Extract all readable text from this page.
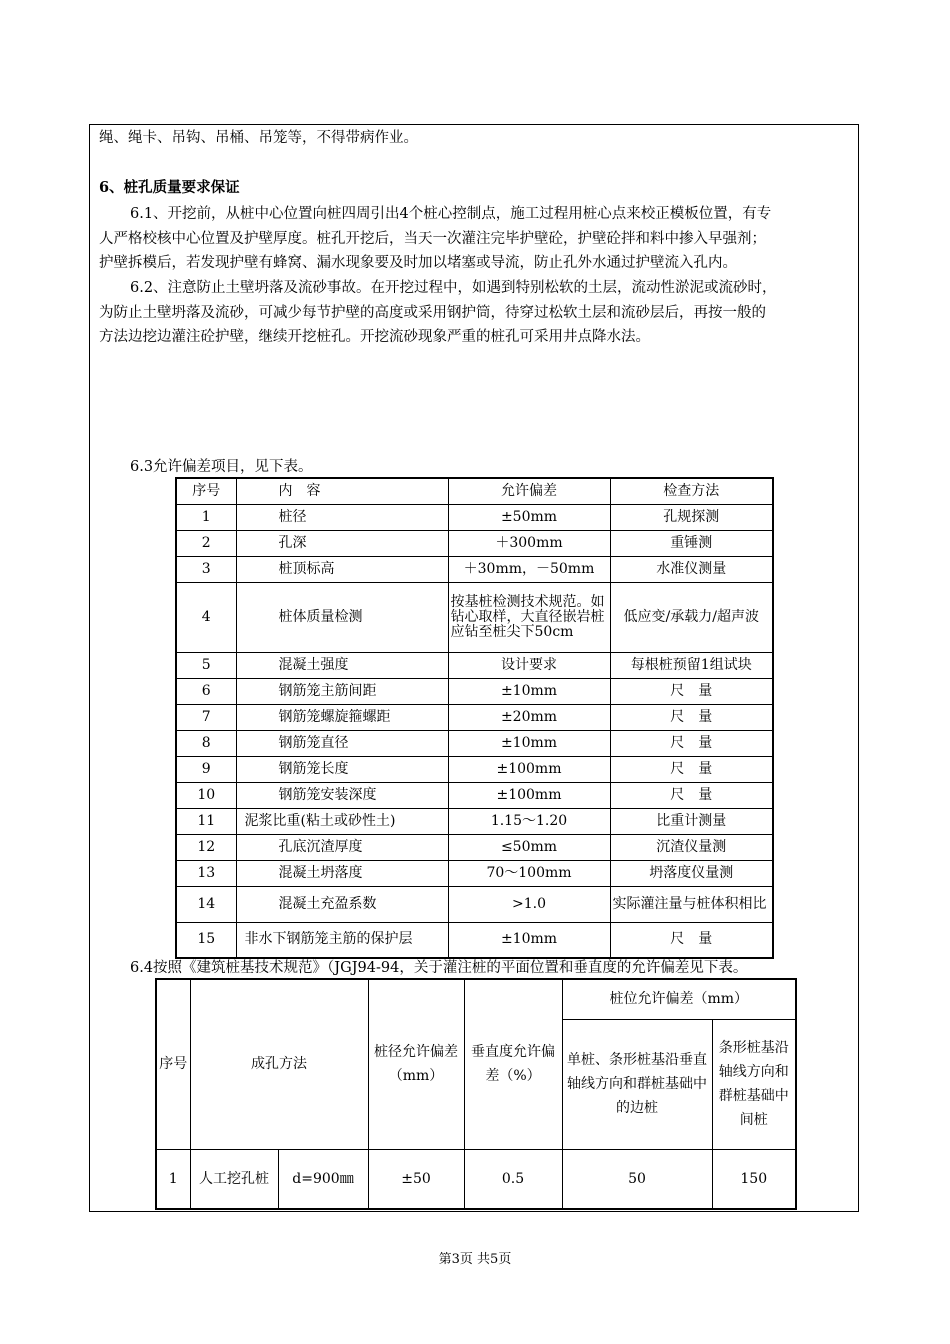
绳、绳卡、吊钩、吊桶、吊笼等，不得带病作业。
6、桩孔质量要求保证
6.1、开挖前，从桩中心位置向桩四周引出4个桩心控制点，施工过程用桩心点来校正模板位置，有专
人严格校核中心位置及护壁厚度。桩孔开挖后，当天一次灌注完毕护壁砼，护壁砼拌和料中掺入早强剂；
护壁拆模后，若发现护壁有蜂窝、漏水现象要及时加以堵塞或导流，防止孔外水通过护壁流入孔内。
6.2、注意防止土壁坍落及流砂事故。在开挖过程中，如遇到特别松软的土层，流动性淤泥或流砂时，
为防止土壁坍落及流砂，可减少每节护壁的高度或采用钢护筒，待穿过松软土层和流砂层后，再按一般的
方法边挖边灌注砼护壁，继续开挖桩孔。开挖流砂现象严重的桩孔可采用井点降水法。
6.3允许偏差项目，见下表。
序号	内　容	允许偏差	检查方法
1	桩径	±50mm	孔规探测
2	孔深	＋300mm	重锤测
3	桩顶标高	＋30mm，－50mm	水准仪测量
4	桩体质量检测	按基桩检测技术规范。如钻心取样，大直径嵌岩桩应钻至桩尖下50cm	低应变/承载力/超声波
5	混凝土强度	设计要求	每根桩预留1组试块
6	钢筋笼主筋间距	±10mm	尺　量
7	钢筋笼螺旋箍螺距	±20mm	尺　量
8	钢筋笼直径	±10mm	尺　量
9	钢筋笼长度	±100mm	尺　量
10	钢筋笼安装深度	±100mm	尺　量
11	泥浆比重(粘土或砂性土)	1.15～1.20	比重计测量
12	孔底沉渣厚度	≤50mm	沉渣仪量测
13	混凝土坍落度	70～100mm	坍落度仪量测
14	混凝土充盈系数	>1.0	实际灌注量与桩体积相比
15	非水下钢筋笼主筋的保护层	±10mm	尺　量
6.4按照《建筑桩基技术规范》（JGJ94-94，关于灌注桩的平面位置和垂直度的允许偏差见下表。
序号	成孔方法		桩径允许偏差（mm）	垂直度允许偏差（%）	桩位允许偏差（mm）	
					单桩、条形桩基沿垂直轴线方向和群桩基础中的边桩	条形桩基沿轴线方向和群桩基础中间桩
1	人工挖孔桩	d=900㎜	±50	0.5	50	150
第3页 共5页
